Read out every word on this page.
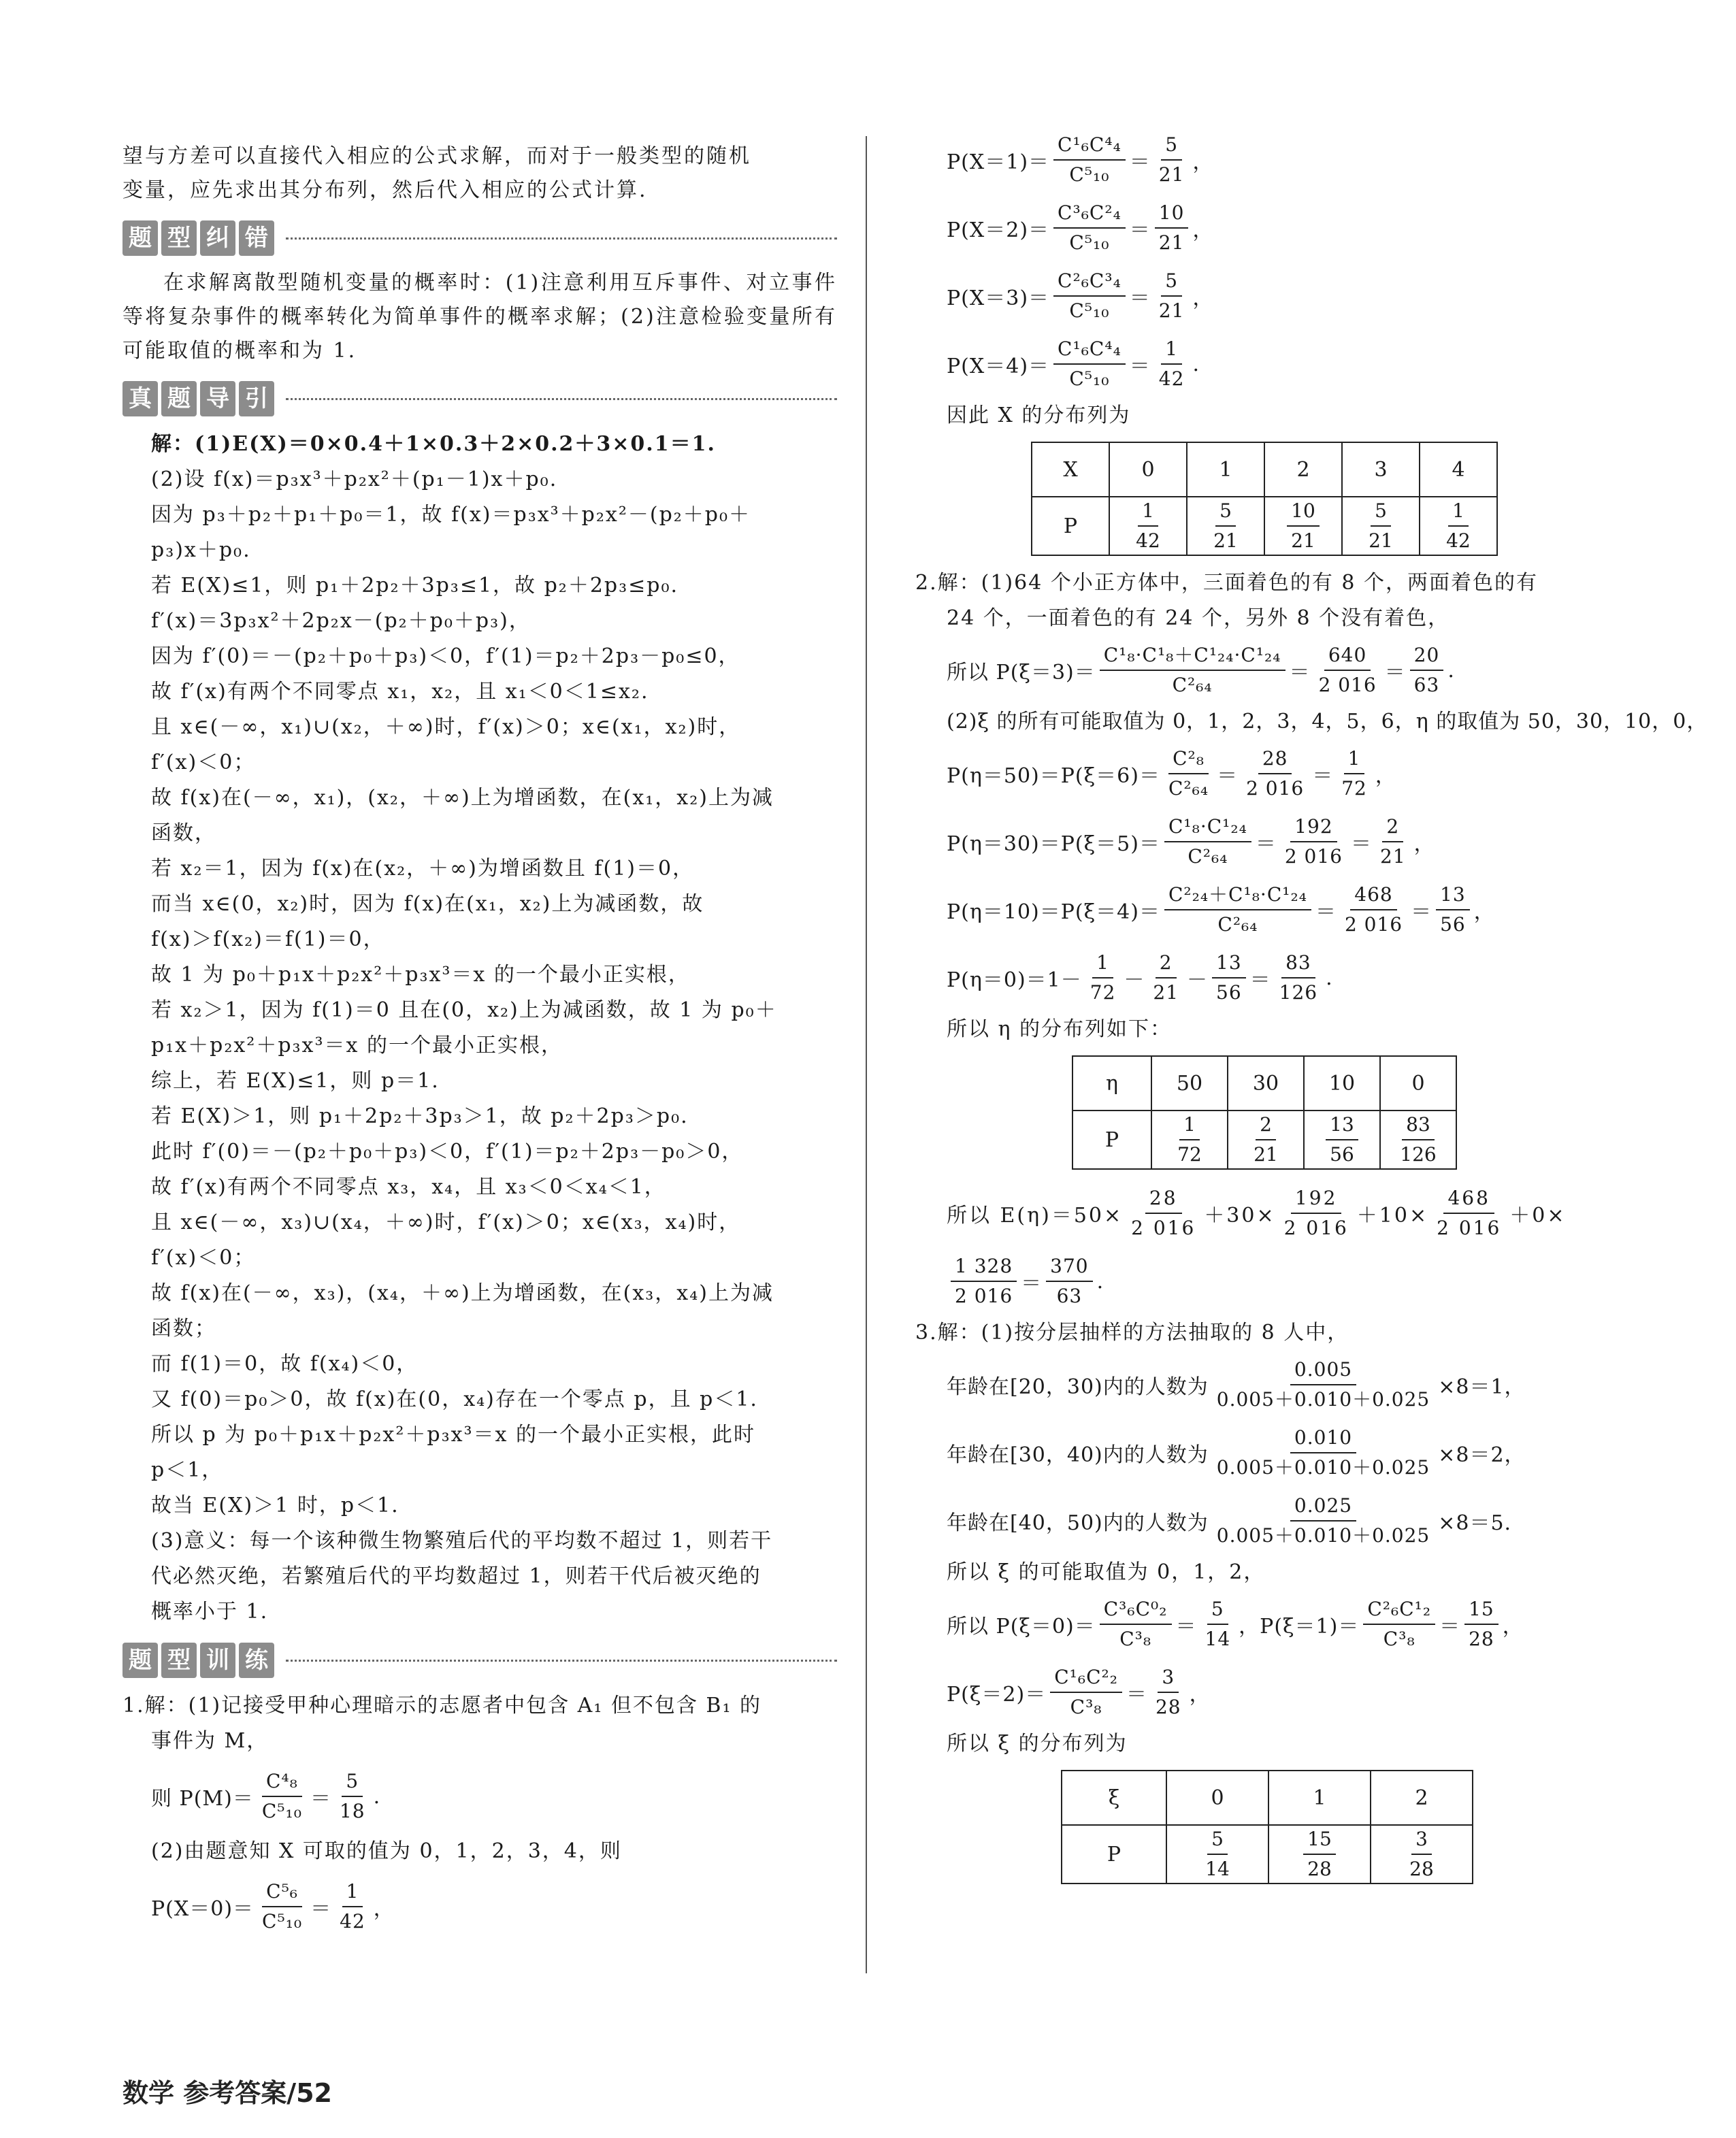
望与方差可以直接代入相应的公式求解，而对于一般类型的随机
变量，应先求出其分布列，然后代入相应的公式计算.
题 型 纠 错
在求解离散型随机变量的概率时：(1)注意利用互斥事件、对立事件等将复杂事件的概率转化为简单事件的概率求解；(2)注意检验变量所有可能取值的概率和为 1.
真 题 导 引
解：(1)E(X)＝0×0.4＋1×0.3＋2×0.2＋3×0.1＝1.
(2)设 f(x)＝p₃x³＋p₂x²＋(p₁－1)x＋p₀.
因为 p₃＋p₂＋p₁＋p₀＝1，故 f(x)＝p₃x³＋p₂x²－(p₂＋p₀＋
p₃)x＋p₀.
若 E(X)≤1，则 p₁＋2p₂＋3p₃≤1，故 p₂＋2p₃≤p₀.
f′(x)＝3p₃x²＋2p₂x－(p₂＋p₀＋p₃)，
因为 f′(0)＝－(p₂＋p₀＋p₃)＜0，f′(1)＝p₂＋2p₃－p₀≤0，
故 f′(x)有两个不同零点 x₁，x₂，且 x₁＜0＜1≤x₂.
且 x∈(－∞，x₁)∪(x₂，＋∞)时，f′(x)＞0；x∈(x₁，x₂)时，
f′(x)＜0；
故 f(x)在(－∞，x₁)，(x₂，＋∞)上为增函数，在(x₁，x₂)上为减
函数，
若 x₂＝1，因为 f(x)在(x₂，＋∞)为增函数且 f(1)＝0，
而当 x∈(0，x₂)时，因为 f(x)在(x₁，x₂)上为减函数，故
f(x)＞f(x₂)＝f(1)＝0，
故 1 为 p₀＋p₁x＋p₂x²＋p₃x³＝x 的一个最小正实根，
若 x₂＞1，因为 f(1)＝0 且在(0，x₂)上为减函数，故 1 为 p₀＋
p₁x＋p₂x²＋p₃x³＝x 的一个最小正实根，
综上，若 E(X)≤1，则 p＝1.
若 E(X)＞1，则 p₁＋2p₂＋3p₃＞1，故 p₂＋2p₃＞p₀.
此时 f′(0)＝－(p₂＋p₀＋p₃)＜0，f′(1)＝p₂＋2p₃－p₀＞0，
故 f′(x)有两个不同零点 x₃，x₄，且 x₃＜0＜x₄＜1，
且 x∈(－∞，x₃)∪(x₄，＋∞)时，f′(x)＞0；x∈(x₃，x₄)时，
f′(x)＜0；
故 f(x)在(－∞，x₃)，(x₄，＋∞)上为增函数，在(x₃，x₄)上为减
函数；
而 f(1)＝0，故 f(x₄)＜0，
又 f(0)＝p₀＞0，故 f(x)在(0，x₄)存在一个零点 p，且 p＜1.
所以 p 为 p₀＋p₁x＋p₂x²＋p₃x³＝x 的一个最小正实根，此时
p＜1，
故当 E(X)＞1 时，p＜1.
(3)意义：每一个该种微生物繁殖后代的平均数不超过 1，则若干
代必然灭绝，若繁殖后代的平均数超过 1，则若干代后被灭绝的
概率小于 1.
题 型 训 练
1.解：(1)记接受甲种心理暗示的志愿者中包含 A₁ 但不包含 B₁ 的
事件为 M，
则 $P(M)= \frac{\text{C⁴₈}}{\text{C⁵₁₀}} = \frac{5}{18}$ .
(2)由题意知 X 可取的值为 0，1，2，3，4，则
$P(X=0)= \frac{\text{C⁵₆}}{\text{C⁵₁₀}} = \frac{1}{42}$ ，
$P(X=1)= \frac{\text{C¹₆C⁴₄}}{\text{C⁵₁₀}} = \frac{5}{21}$ ，
$P(X=2)= \frac{\text{C³₆C²₄}}{\text{C⁵₁₀}} = \frac{10}{21}$ ，
$P(X=3)= \frac{\text{C²₆C³₄}}{\text{C⁵₁₀}} = \frac{5}{21}$ ，
$P(X=4)= \frac{\text{C¹₆C⁴₄}}{\text{C⁵₁₀}} = \frac{1}{42}$ .
因此 X 的分布列为
X	0	1	2	3	4
P	$\frac{1}{42}$	$\frac{5}{21}$	$\frac{10}{21}$	$\frac{5}{21}$	$\frac{1}{42}$
2.解：(1)64 个小正方体中，三面着色的有 8 个，两面着色的有
24 个，一面着色的有 24 个，另外 8 个没有着色，
所以 $P(\xi=3)= \frac{\text{C¹₈·C¹₈＋C¹₂₄·C¹₂₄}}{\text{C²₆₄}} = \frac{640}{2 016} = \frac{20}{63}$ .
(2)ξ 的所有可能取值为 0，1，2，3，4，5，6，η 的取值为 50，30，10，0，
$P(\eta=50)=P(\xi=6)= \frac{\text{C²₈}}{\text{C²₆₄}} = \frac{28}{2 016} = \frac{1}{72}$ ，
$P(\eta=30)=P(\xi=5)= \frac{\text{C¹₈·C¹₂₄}}{\text{C²₆₄}} = \frac{192}{2 016} = \frac{2}{21}$ ，
$P(\eta=10)=P(\xi=4)= \frac{\text{C²₂₄＋C¹₈·C¹₂₄}}{\text{C²₆₄}} = \frac{468}{2 016} = \frac{13}{56}$ ，
$P(\eta=0)=1- \frac{1}{72} - \frac{2}{21} - \frac{13}{56} = \frac{83}{126}$ .
所以 η 的分布列如下：
η	50	30	10	0
P	$\frac{1}{72}$	$\frac{2}{21}$	$\frac{13}{56}$	$\frac{83}{126}$
所以 $E(\eta)=50\times \frac{28}{2 016} +30\times \frac{192}{2 016} +10\times \frac{468}{2 016} +0\times$
$\frac{1 328}{2 016} = \frac{370}{63}$ .
3.解：(1)按分层抽样的方法抽取的 8 人中，
年龄在[20，30)内的人数为 $\frac{0.005}{0.005+0.010+0.025} \times 8=1$，
年龄在[30，40)内的人数为 $\frac{0.010}{0.005+0.010+0.025} \times 8=2$，
年龄在[40，50)内的人数为 $\frac{0.025}{0.005+0.010+0.025} \times 8=5$.
所以 ξ 的可能取值为 0，1，2，
所以 $P(\xi=0)= \frac{\text{C³₆C⁰₂}}{\text{C³₈}} = \frac{5}{14}$ ，$P(\xi=1)= \frac{\text{C²₆C¹₂}}{\text{C³₈}} = \frac{15}{28}$ ，
$P(\xi=2)= \frac{\text{C¹₆C²₂}}{\text{C³₈}} = \frac{3}{28}$ ，
所以 ξ 的分布列为
ξ	0	1	2
P	$\frac{5}{14}$	$\frac{15}{28}$	$\frac{3}{28}$
数学 参考答案/52
